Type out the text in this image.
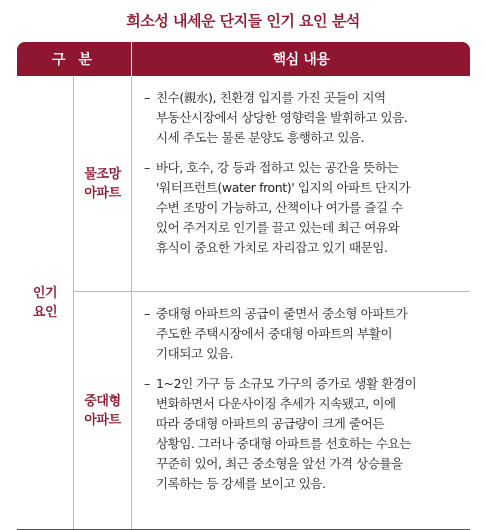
희소성 내세운 단지들 인기 요인 분석
구 분	핵심 내용
인기
요인
물조망
아파트
– 친수(親水), 친환경 입지를 가진 곳들이 지역
부동산시장에서 상당한 영향력을 발휘하고 있음.
시세 주도는 물론 분양도 흥행하고 있음.
– 바다, 호수, 강 등과 접하고 있는 공간을 뜻하는
'워터프런트(water front)' 입지의 아파트 단지가
수변 조망이 가능하고, 산책이나 여가를 즐길 수
있어 주거지로 인기를 끌고 있는데 최근 여유와
휴식이 중요한 가치로 자리잡고 있기 때문임.
중대형
아파트
– 중대형 아파트의 공급이 줄면서 중소형 아파트가
주도한 주택시장에서 중대형 아파트의 부활이
기대되고 있음.
– 1~2인 가구 등 소규모 가구의 증가로 생활 환경이
변화하면서 다운사이징 추세가 지속됐고, 이에
따라 중대형 아파트의 공급량이 크게 줄어든
상황임. 그러나 중대형 아파트를 선호하는 수요는
꾸준히 있어, 최근 중소형을 앞선 가격 상승률을
기록하는 등 강세를 보이고 있음.
